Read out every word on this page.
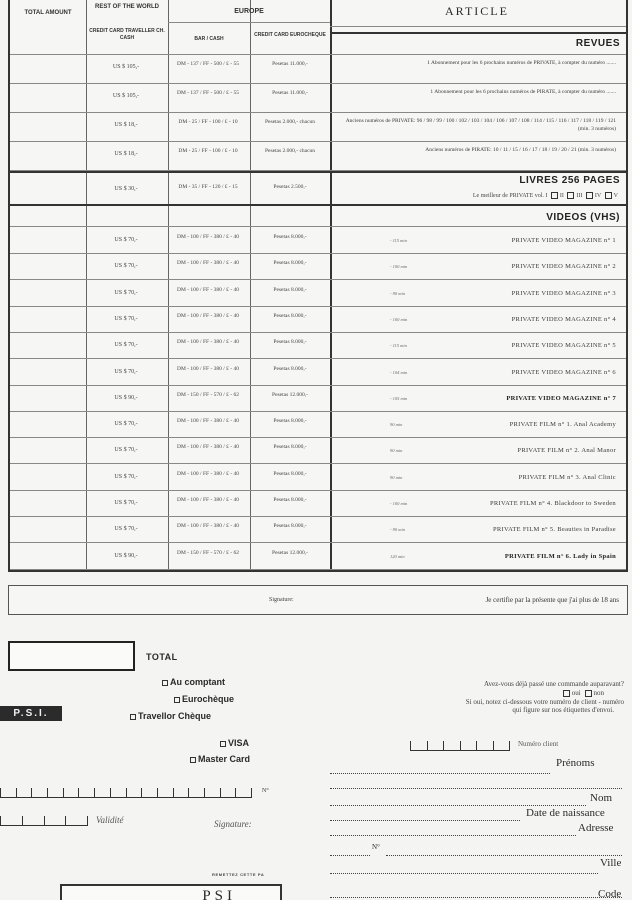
TOTAL AMOUNT
REST OF THE WORLD
EUROPE
CREDIT CARD TRAVELLER CH. CASH	BAR / CASH
CREDIT CARD EUROCHEQUE
ARTICLE
REVUES
LIVRES 256 PAGES
Le meilleur de PRIVATE vol. I II III IV V
Pesetas 2.500,-
DM - 35 / FF - 120 / £ - 15
US $ 30,-
VIDEOS (VHS)
1 Abonnement pour les 6 prochains numéros de PRIVATE, à compter du numéro .......
Pesetas 11.000,-
DM - 137 / FF - 500 / £ - 55
US $ 105,-
1 Abonnement pour les 6 prochains numéros de PIRATE, à compter du numéro .......
Pesetas 11.000,-
DM - 137 / FF - 500 / £ - 55
US $ 105,-
Anciens numéros de PRIVATE: 96 / 98 / 99 / 100 / 102 / 103 / 104 / 106 / 107 / 108 / 114 / 115 / 116 / 117 / 118 / 119 / 121 (min. 3 numéros)
Pesetas 2.000,- chacun
DM - 25 / FF - 100 / £ - 10
US $ 18,-
Anciens numéros de PIRATE: 10 / 11 / 15 / 16 / 17 / 18 / 19 / 20 / 21 (min. 3 numéros)
Pesetas 2.000,- chacun
DM - 25 / FF - 100 / £ - 10
US $ 18,-
PRIVATE VIDEO MAGAZINE n° 1
- 115 min
Pesetas 8.000,-
DM - 100 / FF - 380 / £ - 40
US $ 70,-
PRIVATE VIDEO MAGAZINE n° 2
- 100 min
Pesetas 8.000,-
DM - 100 / FF - 380 / £ - 40
US $ 70,-
PRIVATE VIDEO MAGAZINE n° 3
- 90 min
Pesetas 8.000,-
DM - 100 / FF - 380 / £ - 40
US $ 70,-
PRIVATE VIDEO MAGAZINE n° 4
- 100 min
Pesetas 8.000,-
DM - 100 / FF - 380 / £ - 40
US $ 70,-
PRIVATE VIDEO MAGAZINE n° 5
- 115 min
Pesetas 8.000,-
DM - 100 / FF - 380 / £ - 40
US $ 70,-
PRIVATE VIDEO MAGAZINE n° 6
- 104 min
Pesetas 8.000,-
DM - 100 / FF - 380 / £ - 40
US $ 70,-
PRIVATE VIDEO MAGAZINE n° 7
- 105 min
Pesetas 12.000,-
DM - 150 / FF - 570 / £ - 62
US $ 90,-
PRIVATE FILM n° 1. Anal Academy
90 min
Pesetas 8.000,-
DM - 100 / FF - 380 / £ - 40
US $ 70,-
PRIVATE FILM n° 2. Anal Manor
90 min
Pesetas 8.000,-
DM - 100 / FF - 380 / £ - 40
US $ 70,-
PRIVATE FILM n° 3. Anal Clinic
90 min
Pesetas 8.000,-
DM - 100 / FF - 380 / £ - 40
US $ 70,-
PRIVATE FILM n° 4. Blackdoor to Sweden
- 100 min
Pesetas 8.000,-
DM - 100 / FF - 380 / £ - 40
US $ 70,-
PRIVATE FILM n° 5. Beauties in Paradise
- 90 min
Pesetas 8.000,-
DM - 100 / FF - 380 / £ - 40
US $ 70,-
PRIVATE FILM n° 6. Lady in Spain
120 min
Pesetas 12.000,-
DM - 150 / FF - 570 / £ - 62
US $ 90,-
Je certifie par la présente que j'ai plus de 18 ans
Signature:
TOTAL
Au comptant
Eurochèque
Travellor Chèque
VISA
Master Card
P.S.I.
N°
Validité	Signature:
REMETTEZ CETTE PA
PSI
Avez-vous déjà passé une commande auparavant?
oui non
Si oui, notez ci-dessous votre numéro de client - numéro
qui figure sur nos étiquettes d'envoi.
Numéro client
Prénoms
Nom
Date de naissance
Adresse
N°
Ville
Code
